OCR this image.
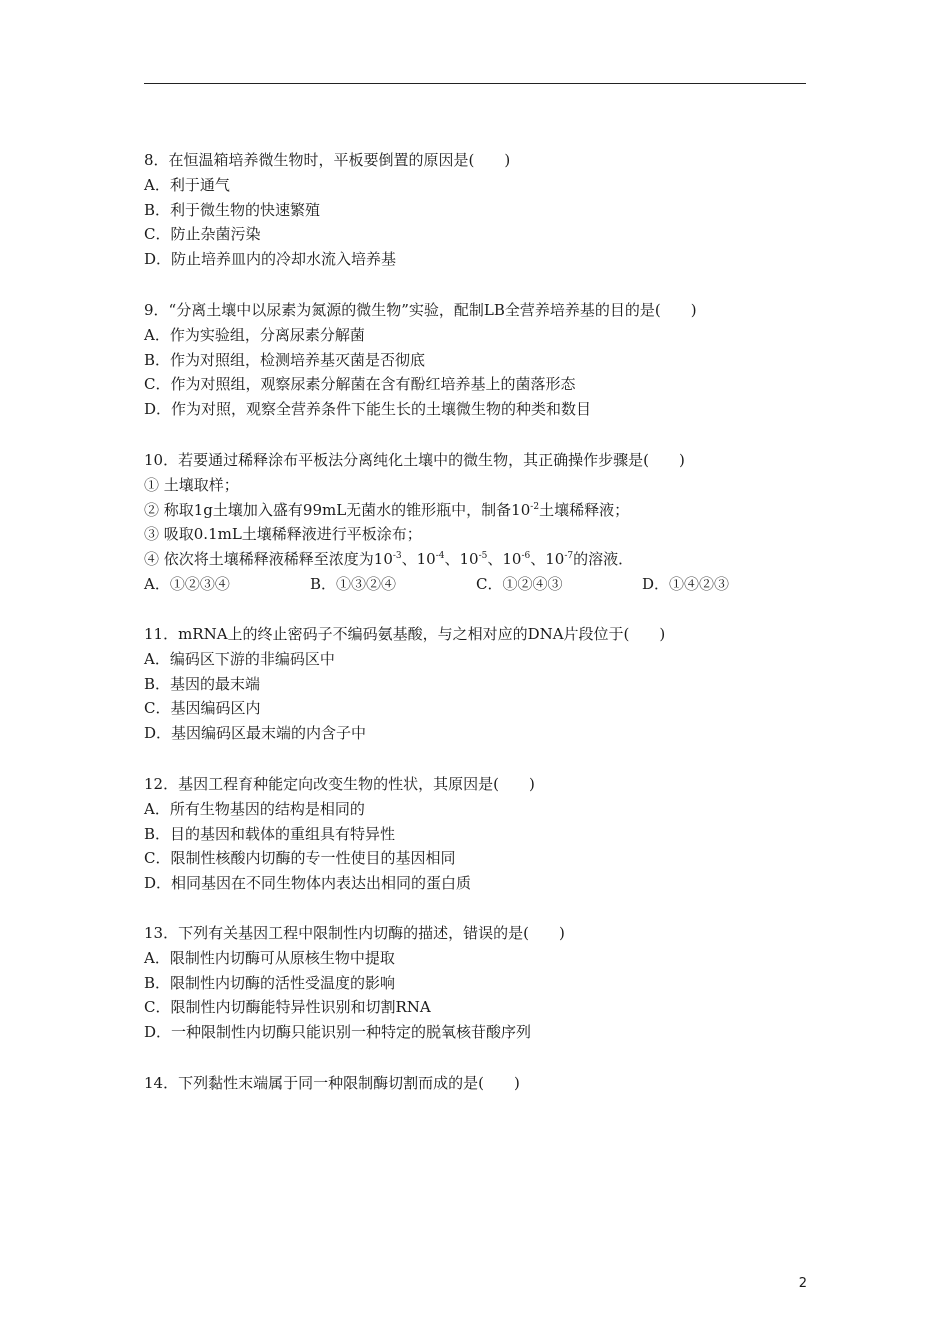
8．在恒温箱培养微生物时，平板要倒置的原因是(　　)
A．利于通气
B．利于微生物的快速繁殖
C．防止杂菌污染
D．防止培养皿内的冷却水流入培养基
9．“分离土壤中以尿素为氮源的微生物”实验，配制LB全营养培养基的目的是(　　)
A．作为实验组，分离尿素分解菌
B．作为对照组，检测培养基灭菌是否彻底
C．作为对照组，观察尿素分解菌在含有酚红培养基上的菌落形态
D．作为对照，观察全营养条件下能生长的土壤微生物的种类和数目
10．若要通过稀释涂布平板法分离纯化土壤中的微生物，其正确操作步骤是(　　)
① 土壤取样；
② 称取1g土壤加入盛有99mL无菌水的锥形瓶中，制备$10^{-2}$土壤稀释液；
③ 吸取0.1mL土壤稀释液进行平板涂布；
④ 依次将土壤稀释液稀释至浓度为$10^{-3}$、$10^{-4}$、$10^{-5}$、$10^{-6}$、$10^{-7}$的溶液．
A．①②③④	B．①③②④	C．①②④③	D．①④②③
11．mRNA上的终止密码子不编码氨基酸，与之相对应的DNA片段位于(　　)
A．编码区下游的非编码区中
B．基因的最末端
C．基因编码区内
D．基因编码区最末端的内含子中
12．基因工程育种能定向改变生物的性状，其原因是(　　)
A．所有生物基因的结构是相同的
B．目的基因和载体的重组具有特异性
C．限制性核酸内切酶的专一性使目的基因相同
D．相同基因在不同生物体内表达出相同的蛋白质
13．下列有关基因工程中限制性内切酶的描述，错误的是(　　)
A．限制性内切酶可从原核生物中提取
B．限制性内切酶的活性受温度的影响
C．限制性内切酶能特异性识别和切割RNA
D．一种限制性内切酶只能识别一种特定的脱氧核苷酸序列
14．下列黏性末端属于同一种限制酶切割而成的是(　　)
2
